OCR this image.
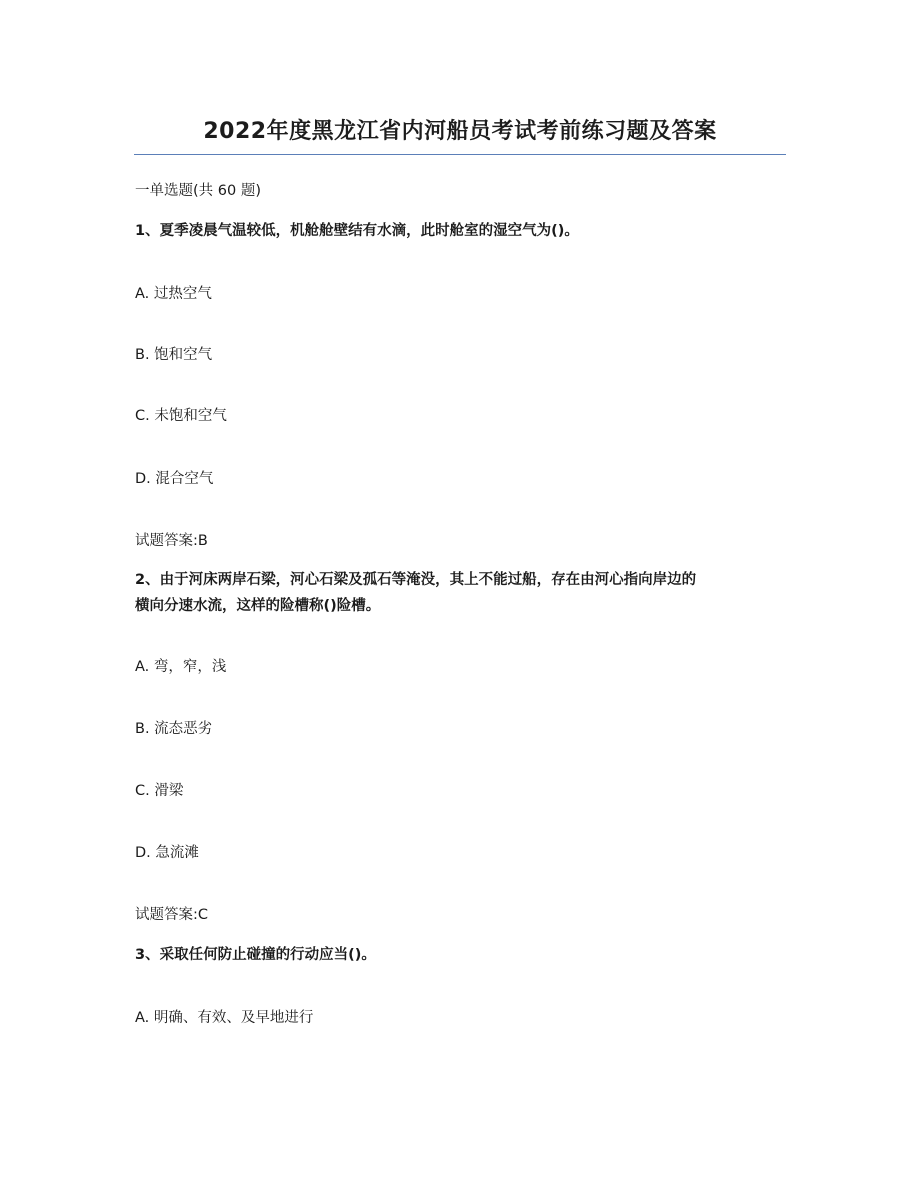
2022年度黑龙江省内河船员考试考前练习题及答案
一单选题(共 60 题)
1、夏季凌晨气温较低，机舱舱壁结有水滴，此时舱室的湿空气为()。
A. 过热空气
B. 饱和空气
C. 未饱和空气
D. 混合空气
试题答案:B
2、由于河床两岸石梁，河心石梁及孤石等淹没，其上不能过船，存在由河心指向岸边的
横向分速水流，这样的险槽称()险槽。
A. 弯，窄，浅
B. 流态恶劣
C. 滑梁
D. 急流滩
试题答案:C
3、采取任何防止碰撞的行动应当()。
A. 明确、有效、及早地进行
